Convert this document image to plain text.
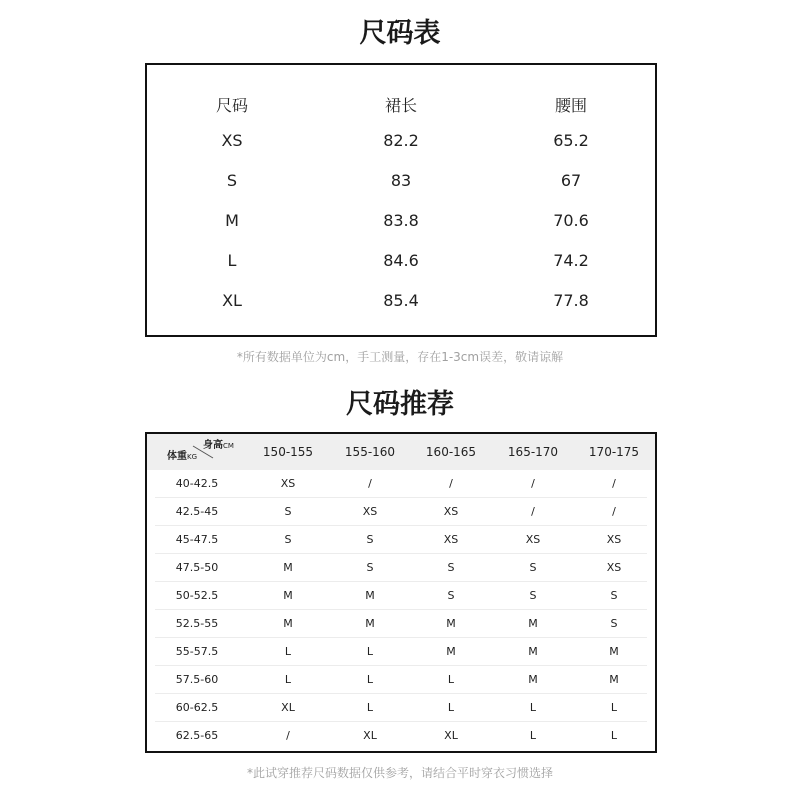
尺码表
尺码	裙长	腰围
XS	82.2	65.2
S	83	67
M	83.8	70.6
L	84.6	74.2
XL	85.4	77.8
*所有数据单位为cm，手工测量，存在1-3cm误差，敬请谅解
尺码推荐
身高CM
体重KG	150-155	155-160	160-165	165-170	170-175
40-42.5	XS	/	/	/	/
42.5-45	S	XS	XS	/	/
45-47.5	S	S	XS	XS	XS
47.5-50	M	S	S	S	XS
50-52.5	M	M	S	S	S
52.5-55	M	M	M	M	S
55-57.5	L	L	M	M	M
57.5-60	L	L	L	M	M
60-62.5	XL	L	L	L	L
62.5-65	/	XL	XL	L	L
*此试穿推荐尺码数据仅供参考，请结合平时穿衣习惯选择
